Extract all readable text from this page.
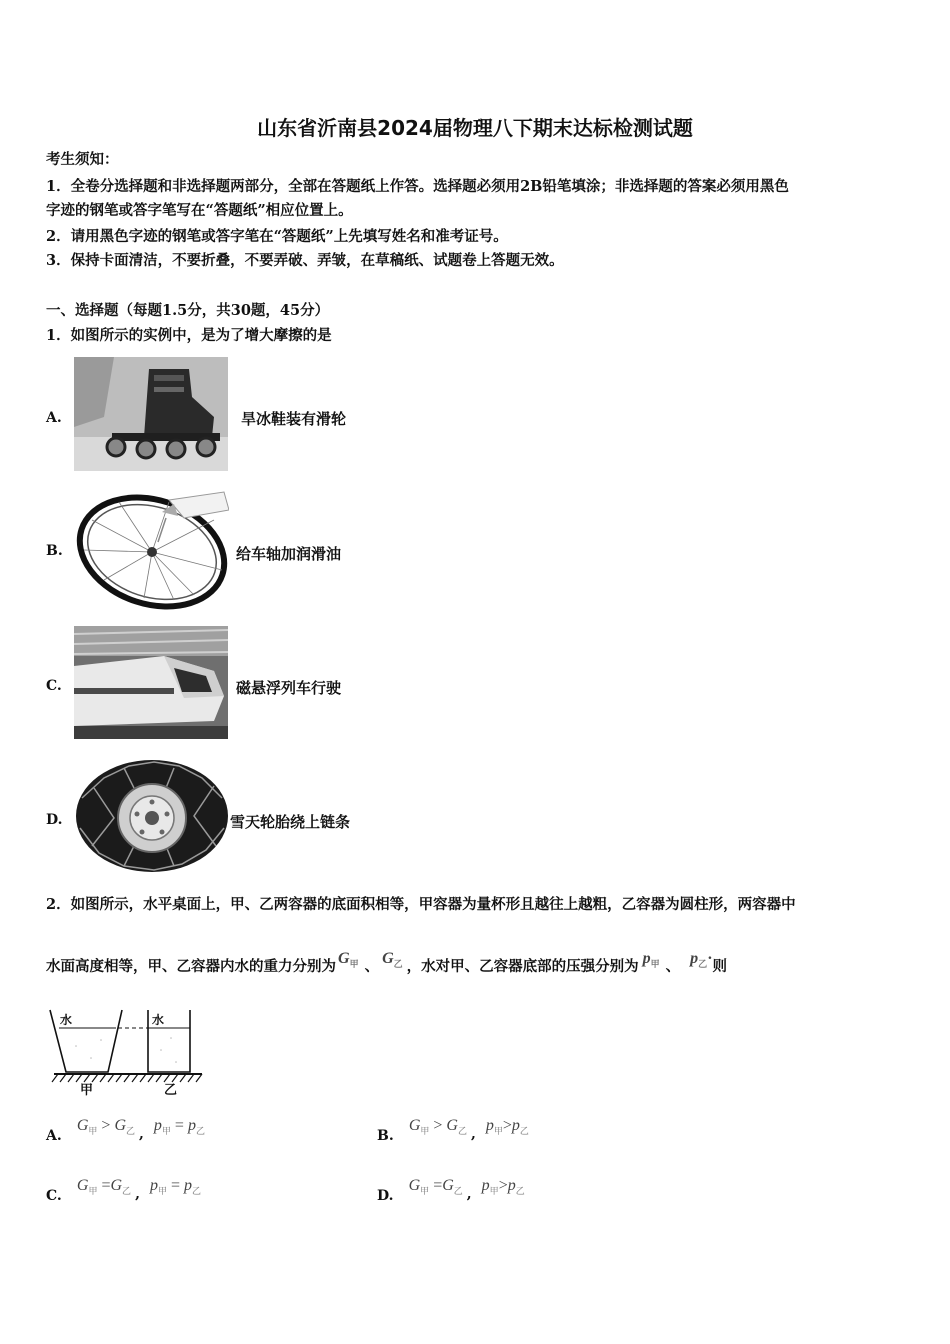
山东省沂南县2024届物理八下期末达标检测试题
考生须知：
1．全卷分选择题和非选择题两部分，全部在答题纸上作答。选择题必须用2B铅笔填涂；非选择题的答案必须用黑色
字迹的钢笔或答字笔写在“答题纸”相应位置上。
2．请用黑色字迹的钢笔或答字笔在“答题纸”上先填写姓名和准考证号。
3．保持卡面清洁，不要折叠，不要弄破、弄皱，在草稿纸、试题卷上答题无效。
一、选择题（每题1.5分，共30题，45分）
1．如图所示的实例中，是为了增大摩擦的是
A.	旱冰鞋装有滑轮
B.	给车轴加润滑油
C.	磁悬浮列车行驶
D.	雪天轮胎绕上链条
2．如图所示，水平桌面上，甲、乙两容器的底面积相等，甲容器为量杯形且越往上越粗，乙容器为圆柱形，两容器中
水面高度相等，甲、乙容器内水的重力分别为 $G_甲$ 、 $G_乙$ ，水对甲、乙容器底部的压强分别为 $p_甲$ 、 $p_乙\cdot$则
水	水
甲	乙
A. $G_甲 > G_乙$ , $p_甲 = p_乙$	B. $G_甲 > G_乙$ , $p_甲>p_乙$
C. $G_甲 =G_乙$ , $p_甲 = p_乙$	D. $G_甲 =G_乙$ , $p_甲>p_乙$
